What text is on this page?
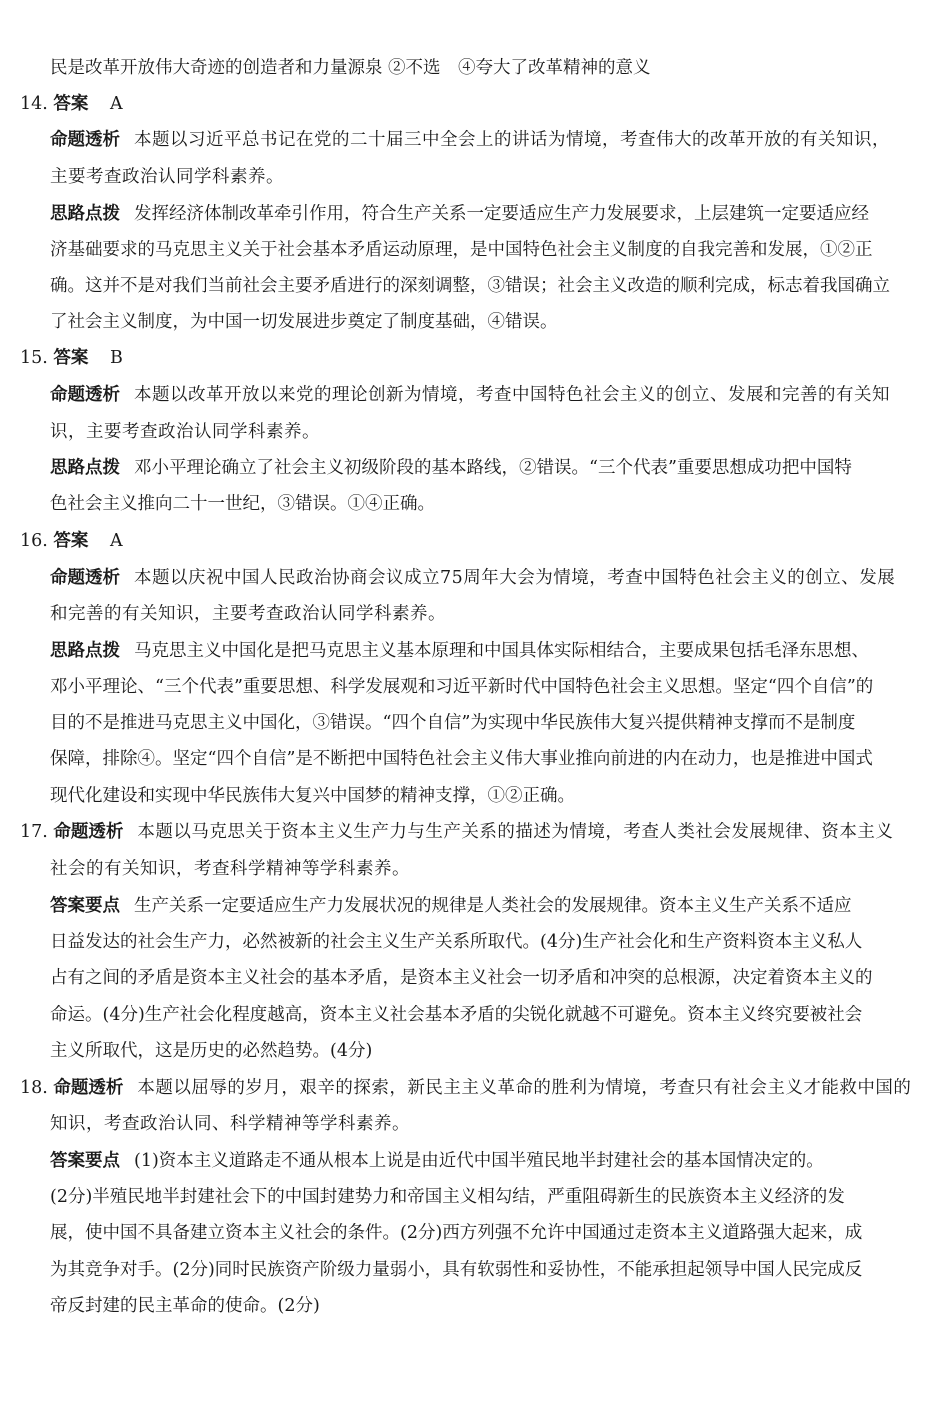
民是改革开放伟大奇迹的创造者和力量源泉 ②不选　④夸大了改革精神的意义
14. 答案 A
命题透析 本题以习近平总书记在党的二十届三中全会上的讲话为情境，考查伟大的改革开放的有关知识，
主要考查政治认同学科素养。
思路点拨 发挥经济体制改革牵引作用，符合生产关系一定要适应生产力发展要求，上层建筑一定要适应经
济基础要求的马克思主义关于社会基本矛盾运动原理，是中国特色社会主义制度的自我完善和发展，①②正
确。这并不是对我们当前社会主要矛盾进行的深刻调整，③错误；社会主义改造的顺利完成，标志着我国确立
了社会主义制度，为中国一切发展进步奠定了制度基础，④错误。
15. 答案 B
命题透析 本题以改革开放以来党的理论创新为情境，考查中国特色社会主义的创立、发展和完善的有关知
识，主要考查政治认同学科素养。
思路点拨 邓小平理论确立了社会主义初级阶段的基本路线，②错误。“三个代表”重要思想成功把中国特
色社会主义推向二十一世纪，③错误。①④正确。
16. 答案 A
命题透析 本题以庆祝中国人民政治协商会议成立75周年大会为情境，考查中国特色社会主义的创立、发展
和完善的有关知识，主要考查政治认同学科素养。
思路点拨 马克思主义中国化是把马克思主义基本原理和中国具体实际相结合，主要成果包括毛泽东思想、
邓小平理论、“三个代表”重要思想、科学发展观和习近平新时代中国特色社会主义思想。坚定“四个自信”的
目的不是推进马克思主义中国化，③错误。“四个自信”为实现中华民族伟大复兴提供精神支撑而不是制度
保障，排除④。坚定“四个自信”是不断把中国特色社会主义伟大事业推向前进的内在动力，也是推进中国式
现代化建设和实现中华民族伟大复兴中国梦的精神支撑，①②正确。
17. 命题透析 本题以马克思关于资本主义生产力与生产关系的描述为情境，考查人类社会发展规律、资本主义
社会的有关知识，考查科学精神等学科素养。
答案要点 生产关系一定要适应生产力发展状况的规律是人类社会的发展规律。资本主义生产关系不适应
日益发达的社会生产力，必然被新的社会主义生产关系所取代。(4分)生产社会化和生产资料资本主义私人
占有之间的矛盾是资本主义社会的基本矛盾，是资本主义社会一切矛盾和冲突的总根源，决定着资本主义的
命运。(4分)生产社会化程度越高，资本主义社会基本矛盾的尖锐化就越不可避免。资本主义终究要被社会
主义所取代，这是历史的必然趋势。(4分)
18. 命题透析 本题以屈辱的岁月，艰辛的探索，新民主主义革命的胜利为情境，考查只有社会主义才能救中国的
知识，考查政治认同、科学精神等学科素养。
答案要点 (1)资本主义道路走不通从根本上说是由近代中国半殖民地半封建社会的基本国情决定的。
(2分)半殖民地半封建社会下的中国封建势力和帝国主义相勾结，严重阻碍新生的民族资本主义经济的发
展，使中国不具备建立资本主义社会的条件。(2分)西方列强不允许中国通过走资本主义道路强大起来，成
为其竞争对手。(2分)同时民族资产阶级力量弱小，具有软弱性和妥协性，不能承担起领导中国人民完成反
帝反封建的民主革命的使命。(2分)
